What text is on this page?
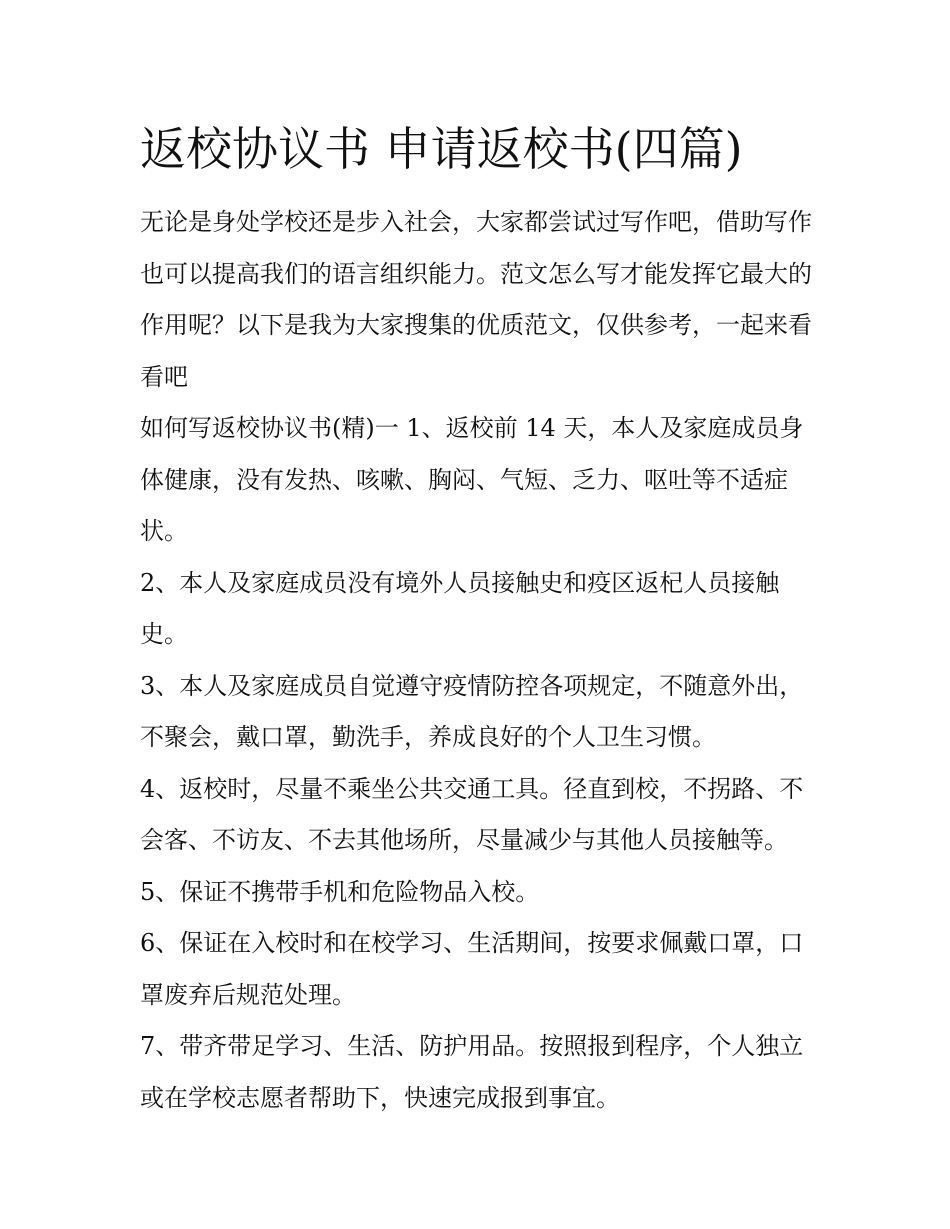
返校协议书 申请返校书(四篇)

无论是身处学校还是步入社会，大家都尝试过写作吧，借助写作也可以提高我们的语言组织能力。范文怎么写才能发挥它最大的作用呢？以下是我为大家搜集的优质范文，仅供参考，一起来看看吧

如何写返校协议书(精)一 1、返校前 14 天，本人及家庭成员身体健康，没有发热、咳嗽、胸闷、气短、乏力、呕吐等不适症状。

2、本人及家庭成员没有境外人员接触史和疫区返杞人员接触史。

3、本人及家庭成员自觉遵守疫情防控各项规定，不随意外出，不聚会，戴口罩，勤洗手，养成良好的个人卫生习惯。

4、返校时，尽量不乘坐公共交通工具。径直到校，不拐路、不会客、不访友、不去其他场所，尽量减少与其他人员接触等。 5、保证不携带手机和危险物品入校。

6、保证在入校时和在校学习、生活期间，按要求佩戴口罩，口罩废弃后规范处理。

7、带齐带足学习、生活、防护用品。按照报到程序，个人独立或在学校志愿者帮助下，快速完成报到事宜。
